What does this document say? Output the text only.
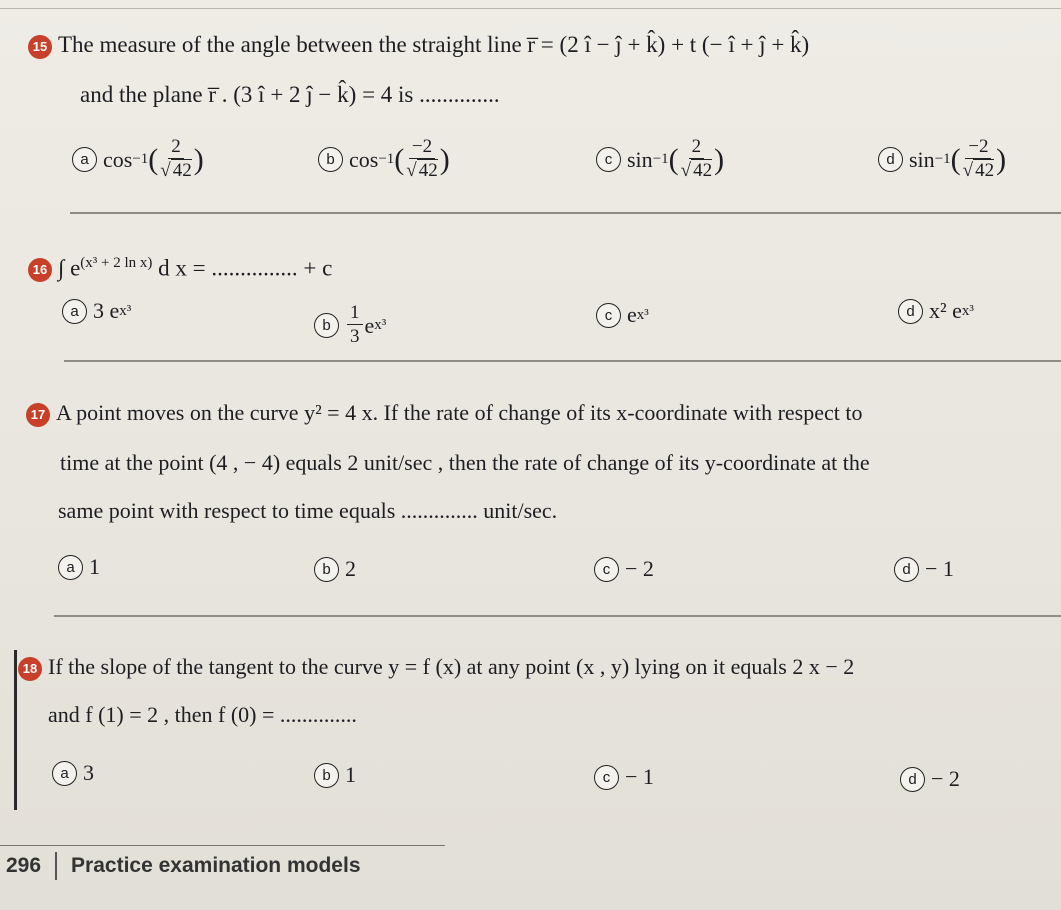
15 The measure of the angle between the straight line r̅ = (2 î − ĵ + k̂) + t (− î + ĵ + k̂)
and the plane r̅ . (3 î + 2 ĵ − k̂) = 4 is ..............
a cos −1 ( $\frac{2}{√ 42}$ )	b cos −1 ( $\frac{-2}{√ 42}$ )	c sin −1 ( $\frac{2}{√ 42}$ )	d sin −1 ( $\frac{-2}{√ 42}$ )
16 ∫ $e^{(x^3 + 2 ln x)}$ d x = ............... + c
a 3 e x³
b $\frac{1}{3}$ e x³
c e x³	d x² e x³
17 A point moves on the curve y² = 4 x. If the rate of change of its x-coordinate with respect to
time at the point (4 , − 4) equals 2 unit/sec , then the rate of change of its y-coordinate at the
same point with respect to time equals .............. unit/sec.
a 1	b 2	c − 2	d − 1
18 If the slope of the tangent to the curve y = f (x) at any point (x , y) lying on it equals 2 x − 2
and f (1) = 2 , then f (0) = ..............
a 3	b 1	c − 1	d − 2
296 Practice examination models
